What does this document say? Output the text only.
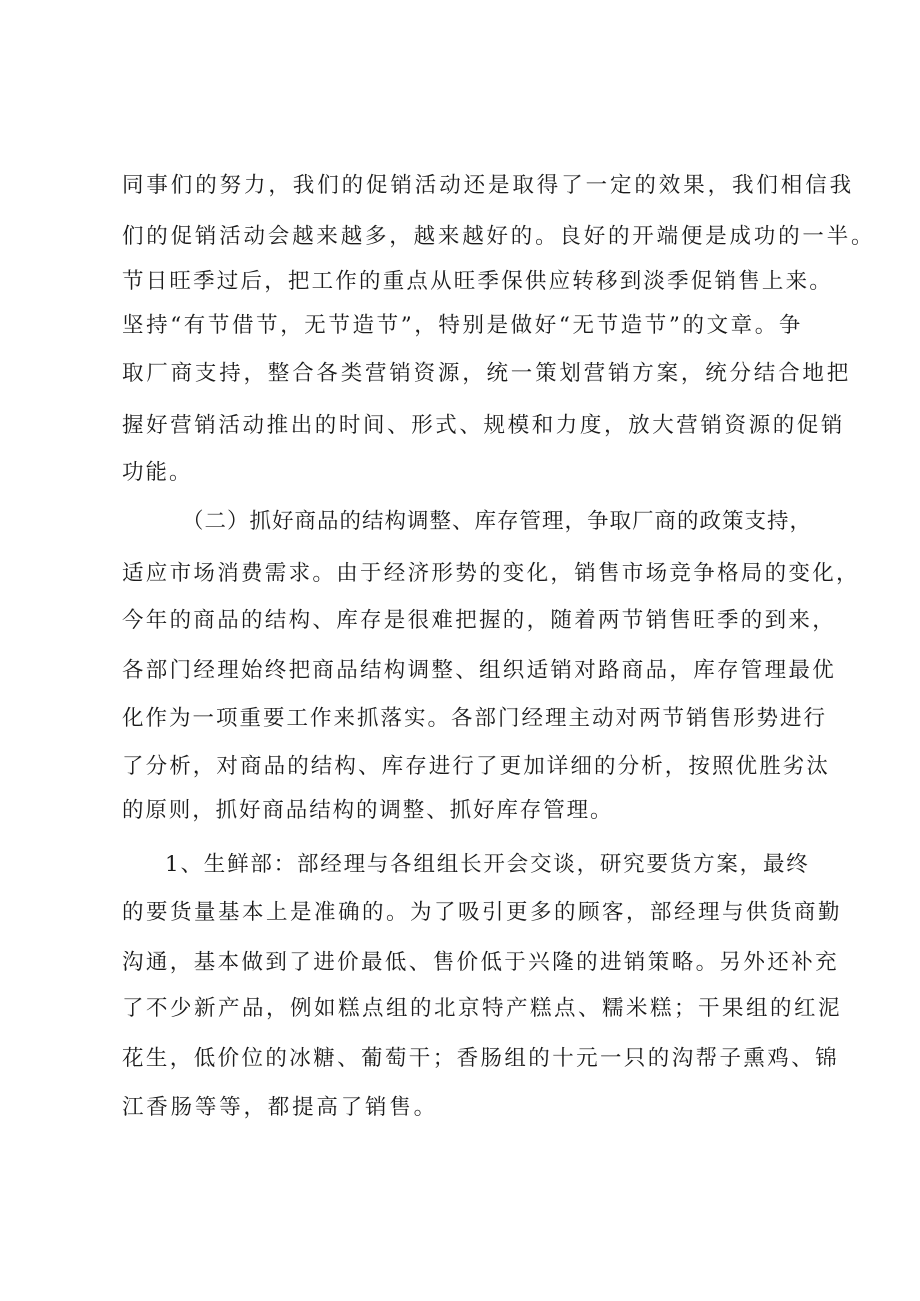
同事们的努力，我们的促销活动还是取得了一定的效果，我们相信我

们的促销活动会越来越多，越来越好的。良好的开端便是成功的一半。

节日旺季过后，把工作的重点从旺季保供应转移到淡季促销售上来。

坚持“有节借节，无节造节”，特别是做好“无节造节”的文章。争

取厂商支持，整合各类营销资源，统一策划营销方案，统分结合地把

握好营销活动推出的时间、形式、规模和力度，放大营销资源的促销

功能。

（二）抓好商品的结构调整、库存管理，争取厂商的政策支持，

适应市场消费需求。由于经济形势的变化，销售市场竞争格局的变化，

今年的商品的结构、库存是很难把握的，随着两节销售旺季的到来，

各部门经理始终把商品结构调整、组织适销对路商品，库存管理最优

化作为一项重要工作来抓落实。各部门经理主动对两节销售形势进行

了分析，对商品的结构、库存进行了更加详细的分析，按照优胜劣汰

的原则，抓好商品结构的调整、抓好库存管理。

1、生鲜部：部经理与各组组长开会交谈，研究要货方案，最终

的要货量基本上是准确的。为了吸引更多的顾客，部经理与供货商勤

沟通，基本做到了进价最低、售价低于兴隆的进销策略。另外还补充

了不少新产品，例如糕点组的北京特产糕点、糯米糕；干果组的红泥

花生，低价位的冰糖、葡萄干；香肠组的十元一只的沟帮子熏鸡、锦

江香肠等等，都提高了销售。
